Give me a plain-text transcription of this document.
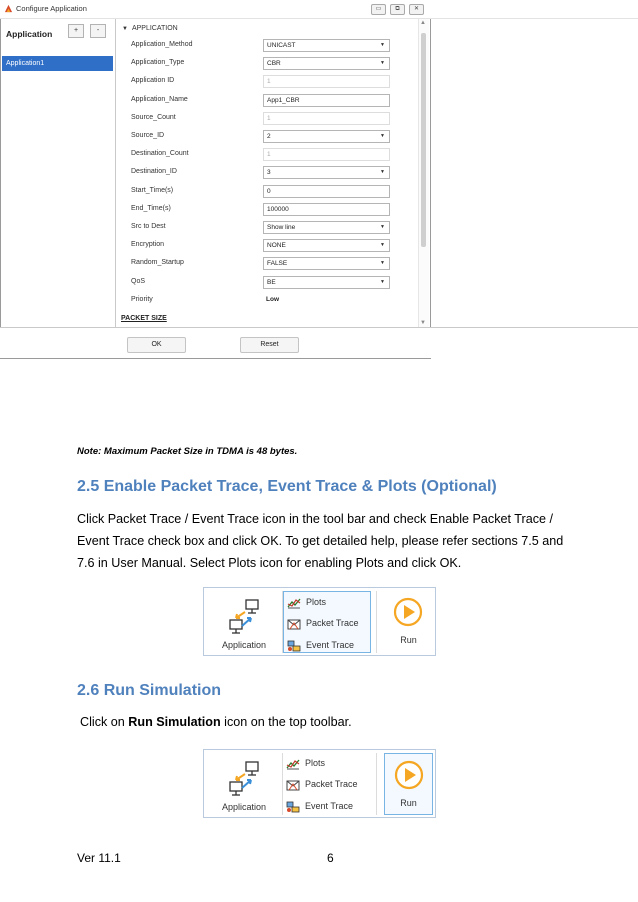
Configure Application	▭	⧉	✕
Application	+	-
Application1
▼ APPLICATION
Application_Method	UNICAST	▼
Application_Type	CBR	▼
Application ID	1
Application_Name	App1_CBR
Source_Count	1
Source_ID	2	▼
Destination_Count	1
Destination_ID	3	▼
Start_Time(s)	0
End_Time(s)	100000
Src to Dest	Show line	▼
Encryption	NONE	▼
Random_Startup	FALSE	▼
QoS	BE	▼
Priority	Low
PACKET SIZE
▲
▼
OK	Reset
Note: Maximum Packet Size in TDMA is 48 bytes.
2.5 Enable Packet Trace, Event Trace & Plots (Optional)
Click Packet Trace / Event Trace icon in the tool bar and check Enable Packet Trace / Event Trace check box and click OK. To get detailed help, please refer sections 7.5 and 7.6 in User Manual. Select Plots icon for enabling Plots and click OK.
Application
Plots
Packet Trace
Event Trace	Run
2.6 Run Simulation
Click on Run Simulation icon on the top toolbar.
Application
Plots
Packet Trace
Event Trace	Run
Ver 11.1	6
